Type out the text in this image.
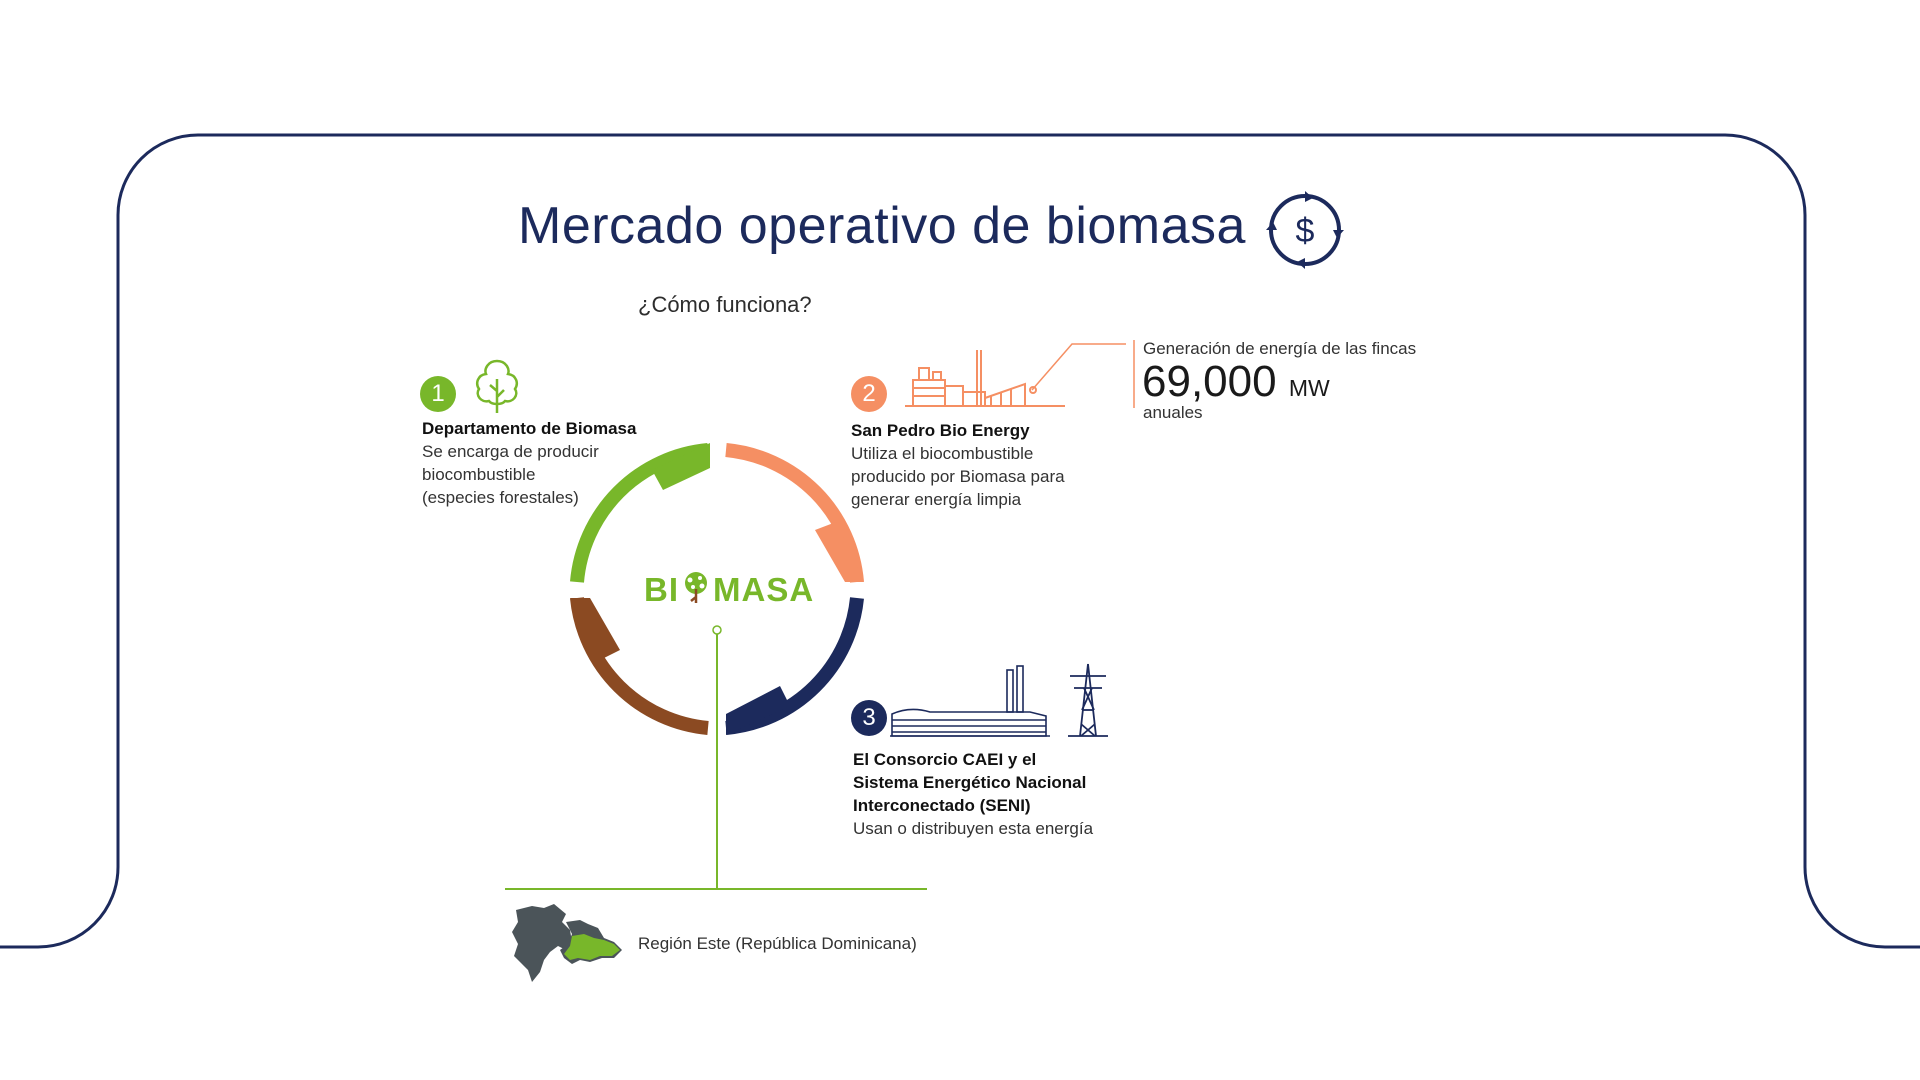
Mercado operativo de biomasa $
¿Cómo funciona?
BI MASA
1
Departamento de Biomasa
Se encarga de producir
biocombustible
(especies forestales)
2
San Pedro Bio Energy
Utiliza el biocombustible
producido por Biomasa para
generar energía limpia
Generación de energía de las fincas
69,000 MW
anuales
3
El Consorcio CAEI y el
Sistema Energético Nacional
Interconectado (SENI)
Usan o distribuyen esta energía
Región Este (República Dominicana)
